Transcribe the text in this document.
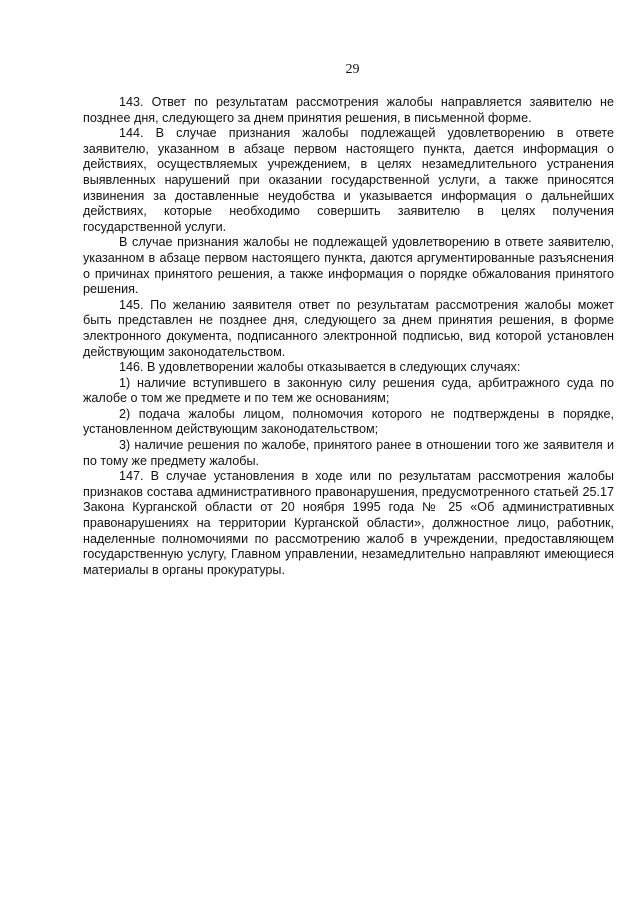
29

143. Ответ по результатам рассмотрения жалобы направляется заявителю не позднее дня, следующего за днем принятия решения, в письменной форме.

144. В случае признания жалобы подлежащей удовлетворению в ответе заявителю, указанном в абзаце первом настоящего пункта, дается информация о действиях, осуществляемых учреждением, в целях незамедлительного устранения выявленных нарушений при оказании государственной услуги, а также приносятся извинения за доставленные неудобства и указывается информация о дальнейших действиях, которые необходимо совершить заявителю в целях получения государственной услуги.

В случае признания жалобы не подлежащей удовлетворению в ответе заявителю, указанном в абзаце первом настоящего пункта, даются аргументированные разъяснения о причинах принятого решения, а также информация о порядке обжалования принятого решения.

145. По желанию заявителя ответ по результатам рассмотрения жалобы может быть представлен не позднее дня, следующего за днем принятия решения, в форме электронного документа, подписанного электронной подписью, вид которой установлен действующим законодательством.

146. В удовлетворении жалобы отказывается в следующих случаях:

1) наличие вступившего в законную силу решения суда, арбитражного суда по жалобе о том же предмете и по тем же основаниям;

2) подача жалобы лицом, полномочия которого не подтверждены в порядке, установленном действующим законодательством;

3) наличие решения по жалобе, принятого ранее в отношении того же заявителя и по тому же предмету жалобы.

147. В случае установления в ходе или по результатам рассмотрения жалобы признаков состава административного правонарушения, предусмотренного статьей 25.17 Закона Курганской области от 20 ноября 1995 года № 25 «Об административных правонарушениях на территории Курганской области», должностное лицо, работник, наделенные полномочиями по рассмотрению жалоб в учреждении, предоставляющем государственную услугу, Главном управлении, незамедлительно направляют имеющиеся материалы в органы прокуратуры.
